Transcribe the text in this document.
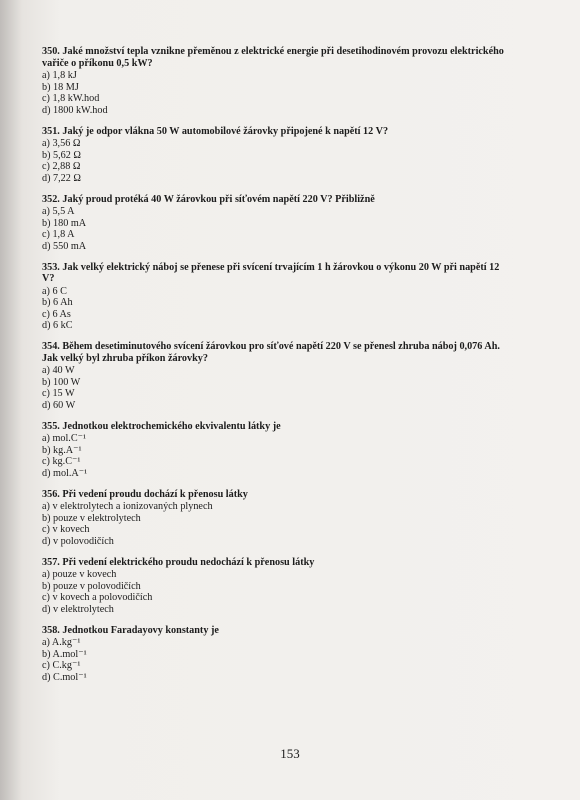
350. Jaké množství tepla vznikne přeměnou z elektrické energie při desetihodinovém provozu elektrického vařiče o příkonu 0,5 kW?
a) 1,8 kJ
b) 18 MJ
c) 1,8 kW.hod
d) 1800 kW.hod
351. Jaký je odpor vlákna 50 W automobilové žárovky připojené k napětí 12 V?
a) 3,56 Ω
b) 5,62 Ω
c) 2,88 Ω
d) 7,22 Ω
352. Jaký proud protéká 40 W žárovkou při síťovém napětí 220 V? Přibližně
a) 5,5 A
b) 180 mA
c) 1,8 A
d) 550 mA
353. Jak velký elektrický náboj se přenese při svícení trvajícím 1 h žárovkou o výkonu 20 W při napětí 12 V?
a) 6 C
b) 6 Ah
c) 6 As
d) 6 kC
354. Během desetiminutového svícení žárovkou pro síťové napětí 220 V se přenesl zhruba náboj 0,076 Ah. Jak velký byl zhruba příkon žárovky?
a) 40 W
b) 100 W
c) 15 W
d) 60 W
355. Jednotkou elektrochemického ekvivalentu látky je
a) mol.C⁻¹
b) kg.A⁻¹
c) kg.C⁻¹
d) mol.A⁻¹
356. Při vedení proudu dochází k přenosu látky
a) v elektrolytech a ionizovaných plynech
b) pouze v elektrolytech
c) v kovech
d) v polovodičích
357. Při vedení elektrického proudu nedochází k přenosu látky
a) pouze v kovech
b) pouze v polovodičích
c) v kovech a polovodičích
d) v elektrolytech
358. Jednotkou Faradayovy konstanty je
a) A.kg⁻¹
b) A.mol⁻¹
c) C.kg⁻¹
d) C.mol⁻¹
153
